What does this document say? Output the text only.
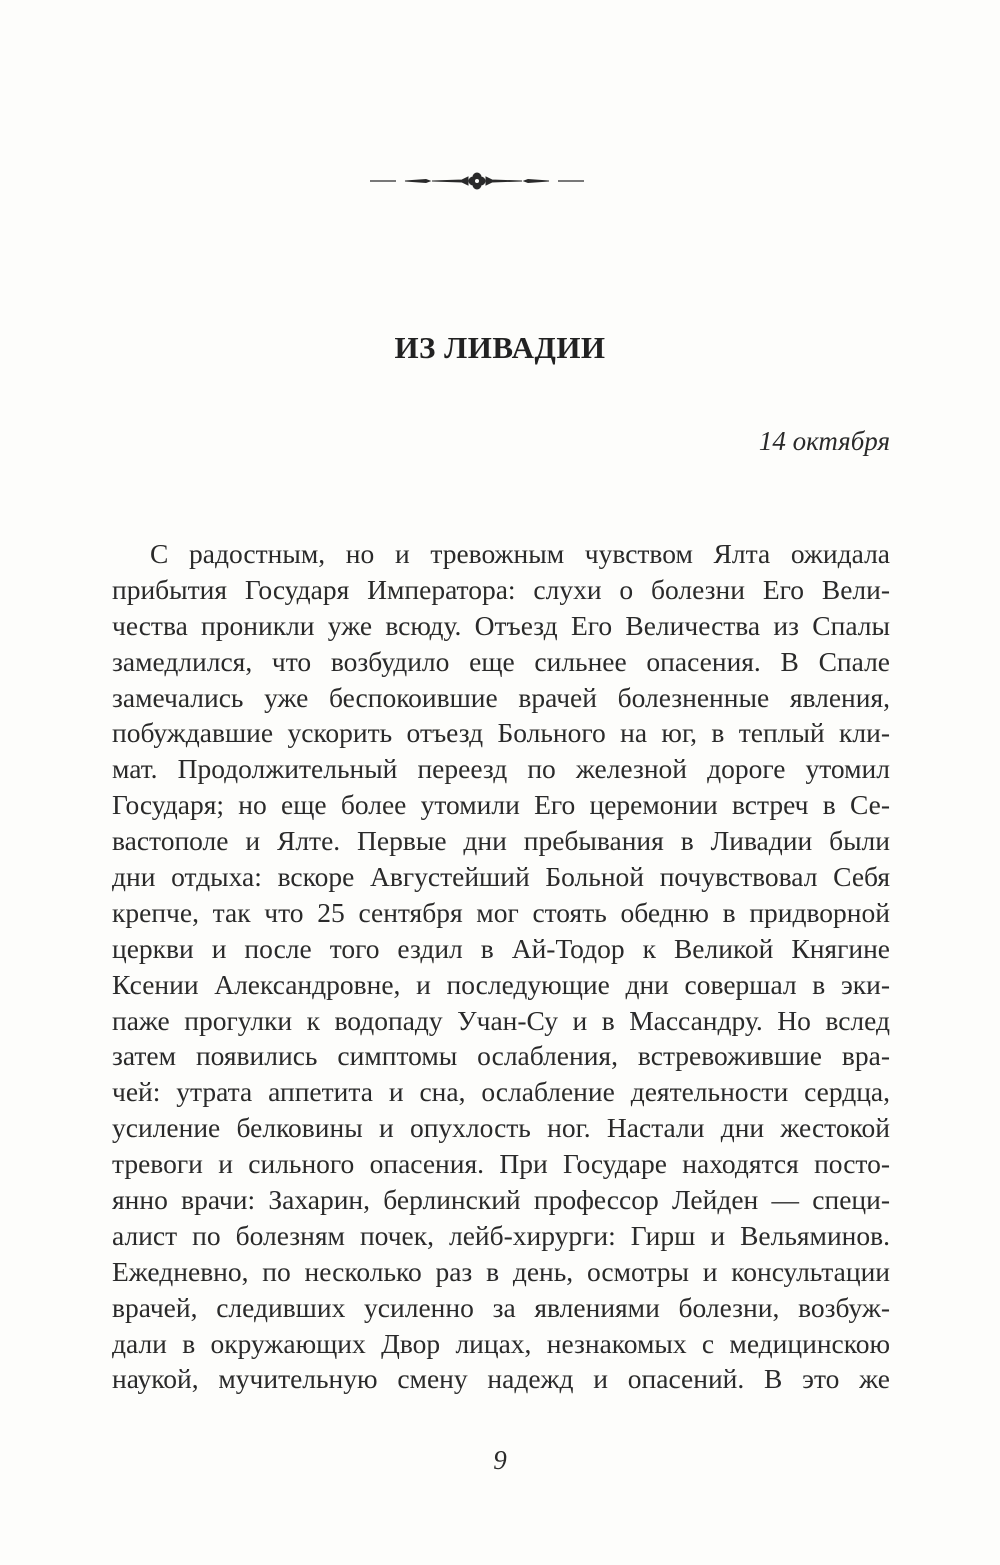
ИЗ ЛИВАДИИ
14 октября
С радостным, но и тревожным чувством Ялта ожидала
прибытия Государя Императора: слухи о болезни Его Вели-
чества проникли уже всюду. Отъезд Его Величества из Спалы
замедлился, что возбудило еще сильнее опасения. В Спале
замечались уже беспокоившие врачей болезненные явления,
побуждавшие ускорить отъезд Больного на юг, в теплый кли-
мат. Продолжительный переезд по железной дороге утомил
Государя; но еще более утомили Его церемонии встреч в Се-
вастополе и Ялте. Первые дни пребывания в Ливадии были
дни отдыха: вскоре Августейший Больной почувствовал Себя
крепче, так что 25 сентября мог стоять обедню в придворной
церкви и после того ездил в Ай-Тодор к Великой Княгине
Ксении Александровне, и последующие дни совершал в эки-
паже прогулки к водопаду Учан-Су и в Массандру. Но вслед
затем появились симптомы ослабления, встревожившие вра-
чей: утрата аппетита и сна, ослабление деятельности сердца,
усиление белковины и опухлость ног. Настали дни жестокой
тревоги и сильного опасения. При Государе находятся посто-
янно врачи: Захарин, берлинский профессор Лейден — специ-
алист по болезням почек, лейб-хирурги: Гирш и Вельяминов.
Ежедневно, по несколько раз в день, осмотры и консультации
врачей, следивших усиленно за явлениями болезни, возбуж-
дали в окружающих Двор лицах, незнакомых с медицинскою
наукой, мучительную смену надежд и опасений. В это же
9
